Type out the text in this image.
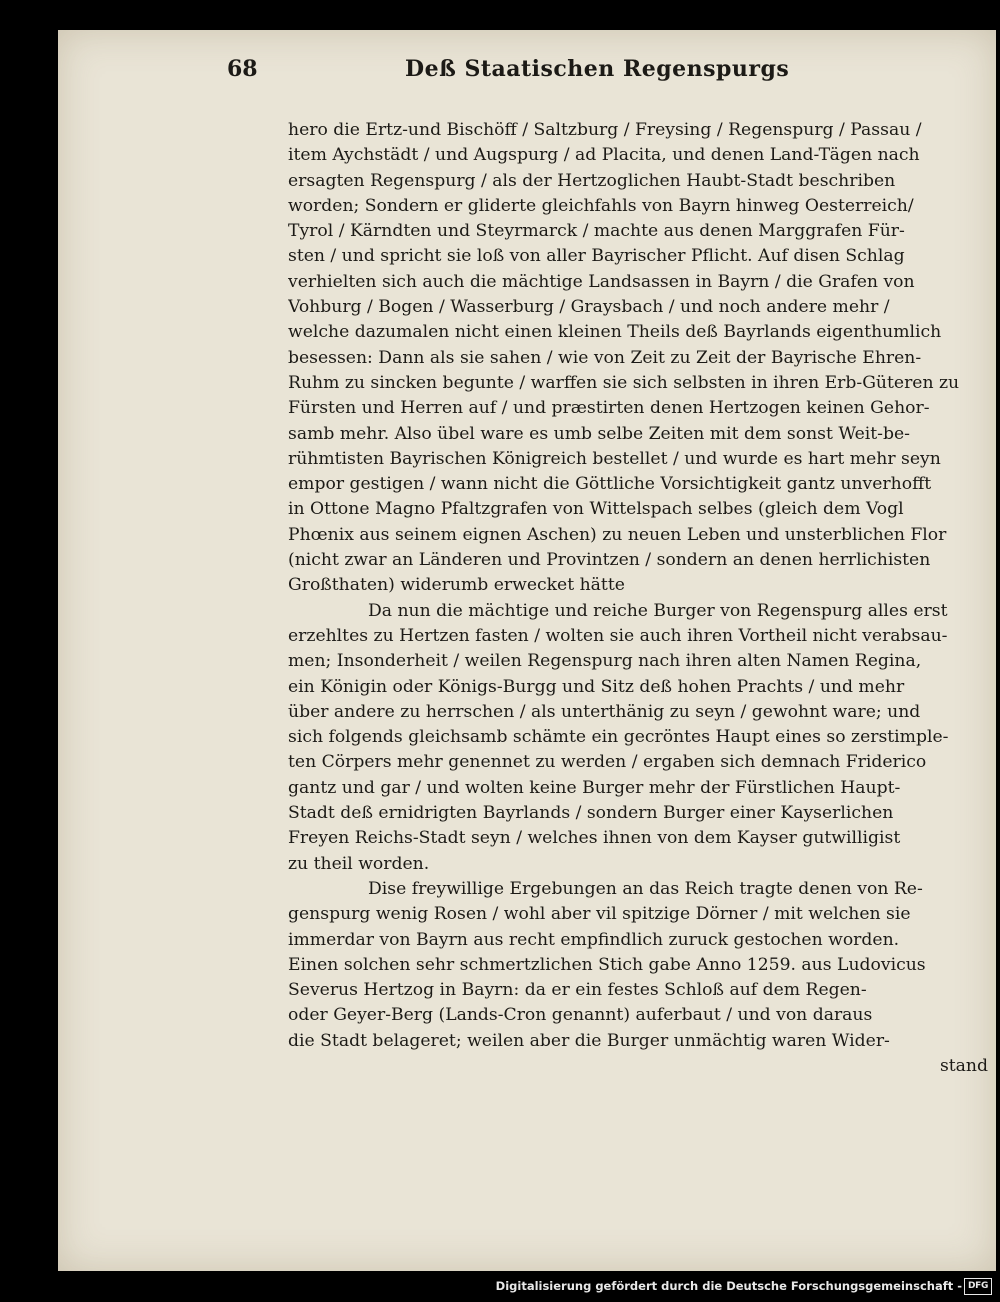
68	Deß Staatischen Regenspurgs
hero die Ertz-und Bischöff / Saltzburg / Freysing / Regenspurg / Passau /
item Aychstädt / und Augspurg / ad Placita, und denen Land-Tägen nach
ersagten Regenspurg / als der Hertzoglichen Haubt-Stadt beschriben
worden; Sondern er gliderte gleichfahls von Bayrn hinweg Oesterreich/
Tyrol / Kärndten und Steyrmarck / machte aus denen Marggrafen Für-
sten / und spricht sie loß von aller Bayrischer Pflicht. Auf disen Schlag
verhielten sich auch die mächtige Landsassen in Bayrn / die Grafen von
Vohburg / Bogen / Wasserburg / Graysbach / und noch andere mehr /
welche dazumalen nicht einen kleinen Theils deß Bayrlands eigenthumlich
besessen: Dann als sie sahen / wie von Zeit zu Zeit der Bayrische Ehren-
Ruhm zu sincken begunte / warffen sie sich selbsten in ihren Erb-Güteren zu
Fürsten und Herren auf / und præstirten denen Hertzogen keinen Gehor-
samb mehr. Also übel ware es umb selbe Zeiten mit dem sonst Weit-be-
rühmtisten Bayrischen Königreich bestellet / und wurde es hart mehr seyn
empor gestigen / wann nicht die Göttliche Vorsichtigkeit gantz unverhofft
in Ottone Magno Pfaltzgrafen von Wittelspach selbes (gleich dem Vogl
Phœnix aus seinem eignen Aschen) zu neuen Leben und unsterblichen Flor
(nicht zwar an Länderen und Provintzen / sondern an denen herrlichisten
Großthaten) widerumb erwecket hätte
Da nun die mächtige und reiche Burger von Regenspurg alles erst
erzehltes zu Hertzen fasten / wolten sie auch ihren Vortheil nicht verabsau-
men; Insonderheit / weilen Regenspurg nach ihren alten Namen Regina,
ein Königin oder Königs-Burgg und Sitz deß hohen Prachts / und mehr
über andere zu herrschen / als unterthänig zu seyn / gewohnt ware; und
sich folgends gleichsamb schämte ein gecröntes Haupt eines so zerstimple-
ten Cörpers mehr genennet zu werden / ergaben sich demnach Friderico
gantz und gar / und wolten keine Burger mehr der Fürstlichen Haupt-
Stadt deß ernidrigten Bayrlands / sondern Burger einer Kayserlichen
Freyen Reichs-Stadt seyn / welches ihnen von dem Kayser gutwilligist
zu theil worden.
Dise freywillige Ergebungen an das Reich tragte denen von Re-
genspurg wenig Rosen / wohl aber vil spitzige Dörner / mit welchen sie
immerdar von Bayrn aus recht empfindlich zuruck gestochen worden.
Einen solchen sehr schmertzlichen Stich gabe Anno 1259. aus Ludovicus
Severus Hertzog in Bayrn: da er ein festes Schloß auf dem Regen-
oder Geyer-Berg (Lands-Cron genannt) auferbaut / und von daraus
die Stadt belageret; weilen aber die Burger unmächtig waren Wider-
stand
Digitalisierung gefördert durch die Deutsche Forschungsgemeinschaft - DFG
